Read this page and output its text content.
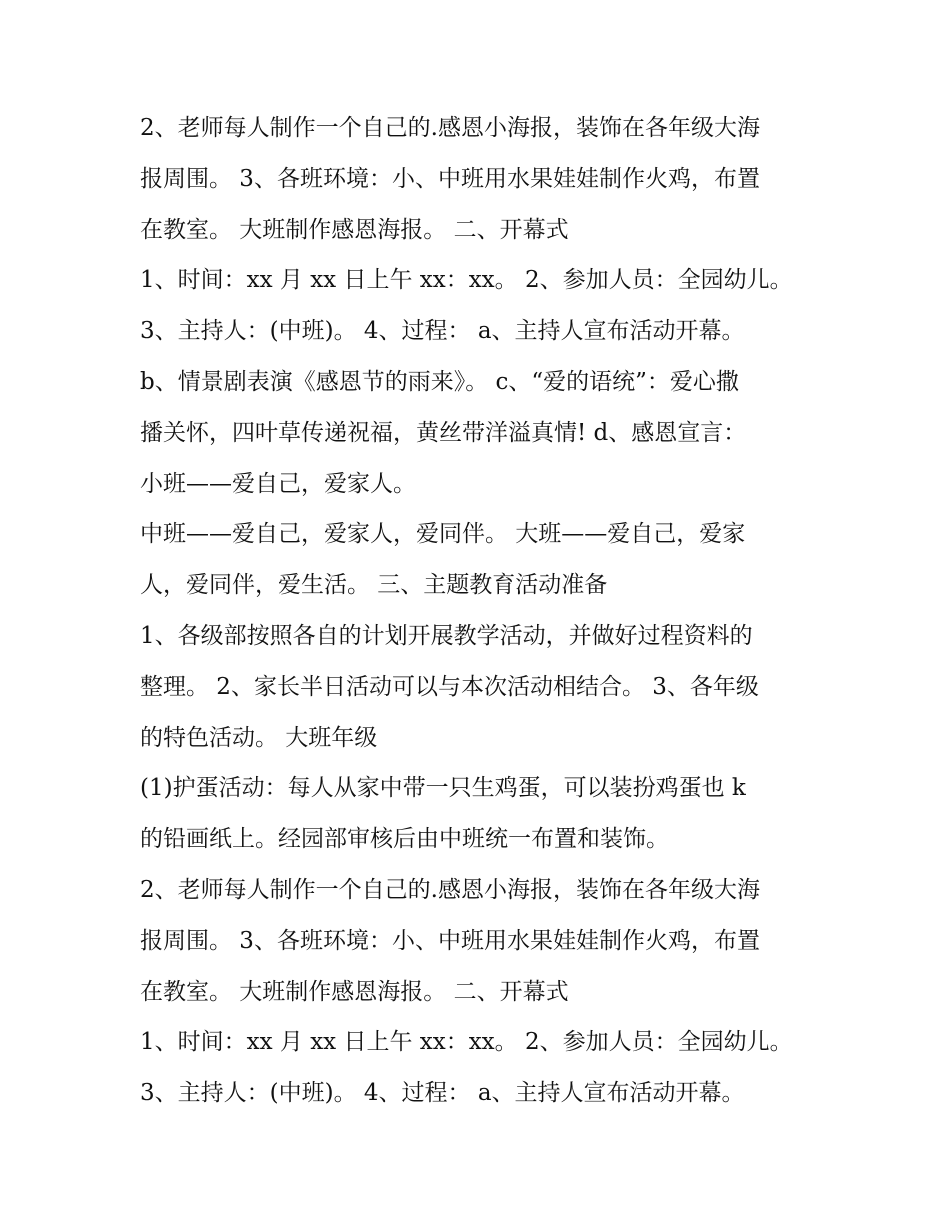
2、老师每人制作一个自己的.感恩小海报，装饰在各年级大海
报周围。 3、各班环境：小、中班用水果娃娃制作火鸡，布置
在教室。 大班制作感恩海报。 二、开幕式
1、时间：xx 月 xx 日上午 xx：xx。 2、参加人员：全园幼儿。
3、主持人：(中班)。 4、过程： a、主持人宣布活动开幕。
b、情景剧表演《感恩节的雨来》。 c、“爱的语统”：爱心撒
播关怀，四叶草传递祝福，黄丝带洋溢真情! d、感恩宣言：
小班——爱自己，爱家人。
中班——爱自己，爱家人，爱同伴。 大班——爱自己，爱家
人，爱同伴，爱生活。 三、主题教育活动准备
1、各级部按照各自的计划开展教学活动，并做好过程资料的
整理。 2、家长半日活动可以与本次活动相结合。 3、各年级
的特色活动。 大班年级
(1)护蛋活动：每人从家中带一只生鸡蛋，可以装扮鸡蛋也 k
的铅画纸上。经园部审核后由中班统一布置和装饰。
2、老师每人制作一个自己的.感恩小海报，装饰在各年级大海
报周围。 3、各班环境：小、中班用水果娃娃制作火鸡，布置
在教室。 大班制作感恩海报。 二、开幕式
1、时间：xx 月 xx 日上午 xx：xx。 2、参加人员：全园幼儿。
3、主持人：(中班)。 4、过程： a、主持人宣布活动开幕。
